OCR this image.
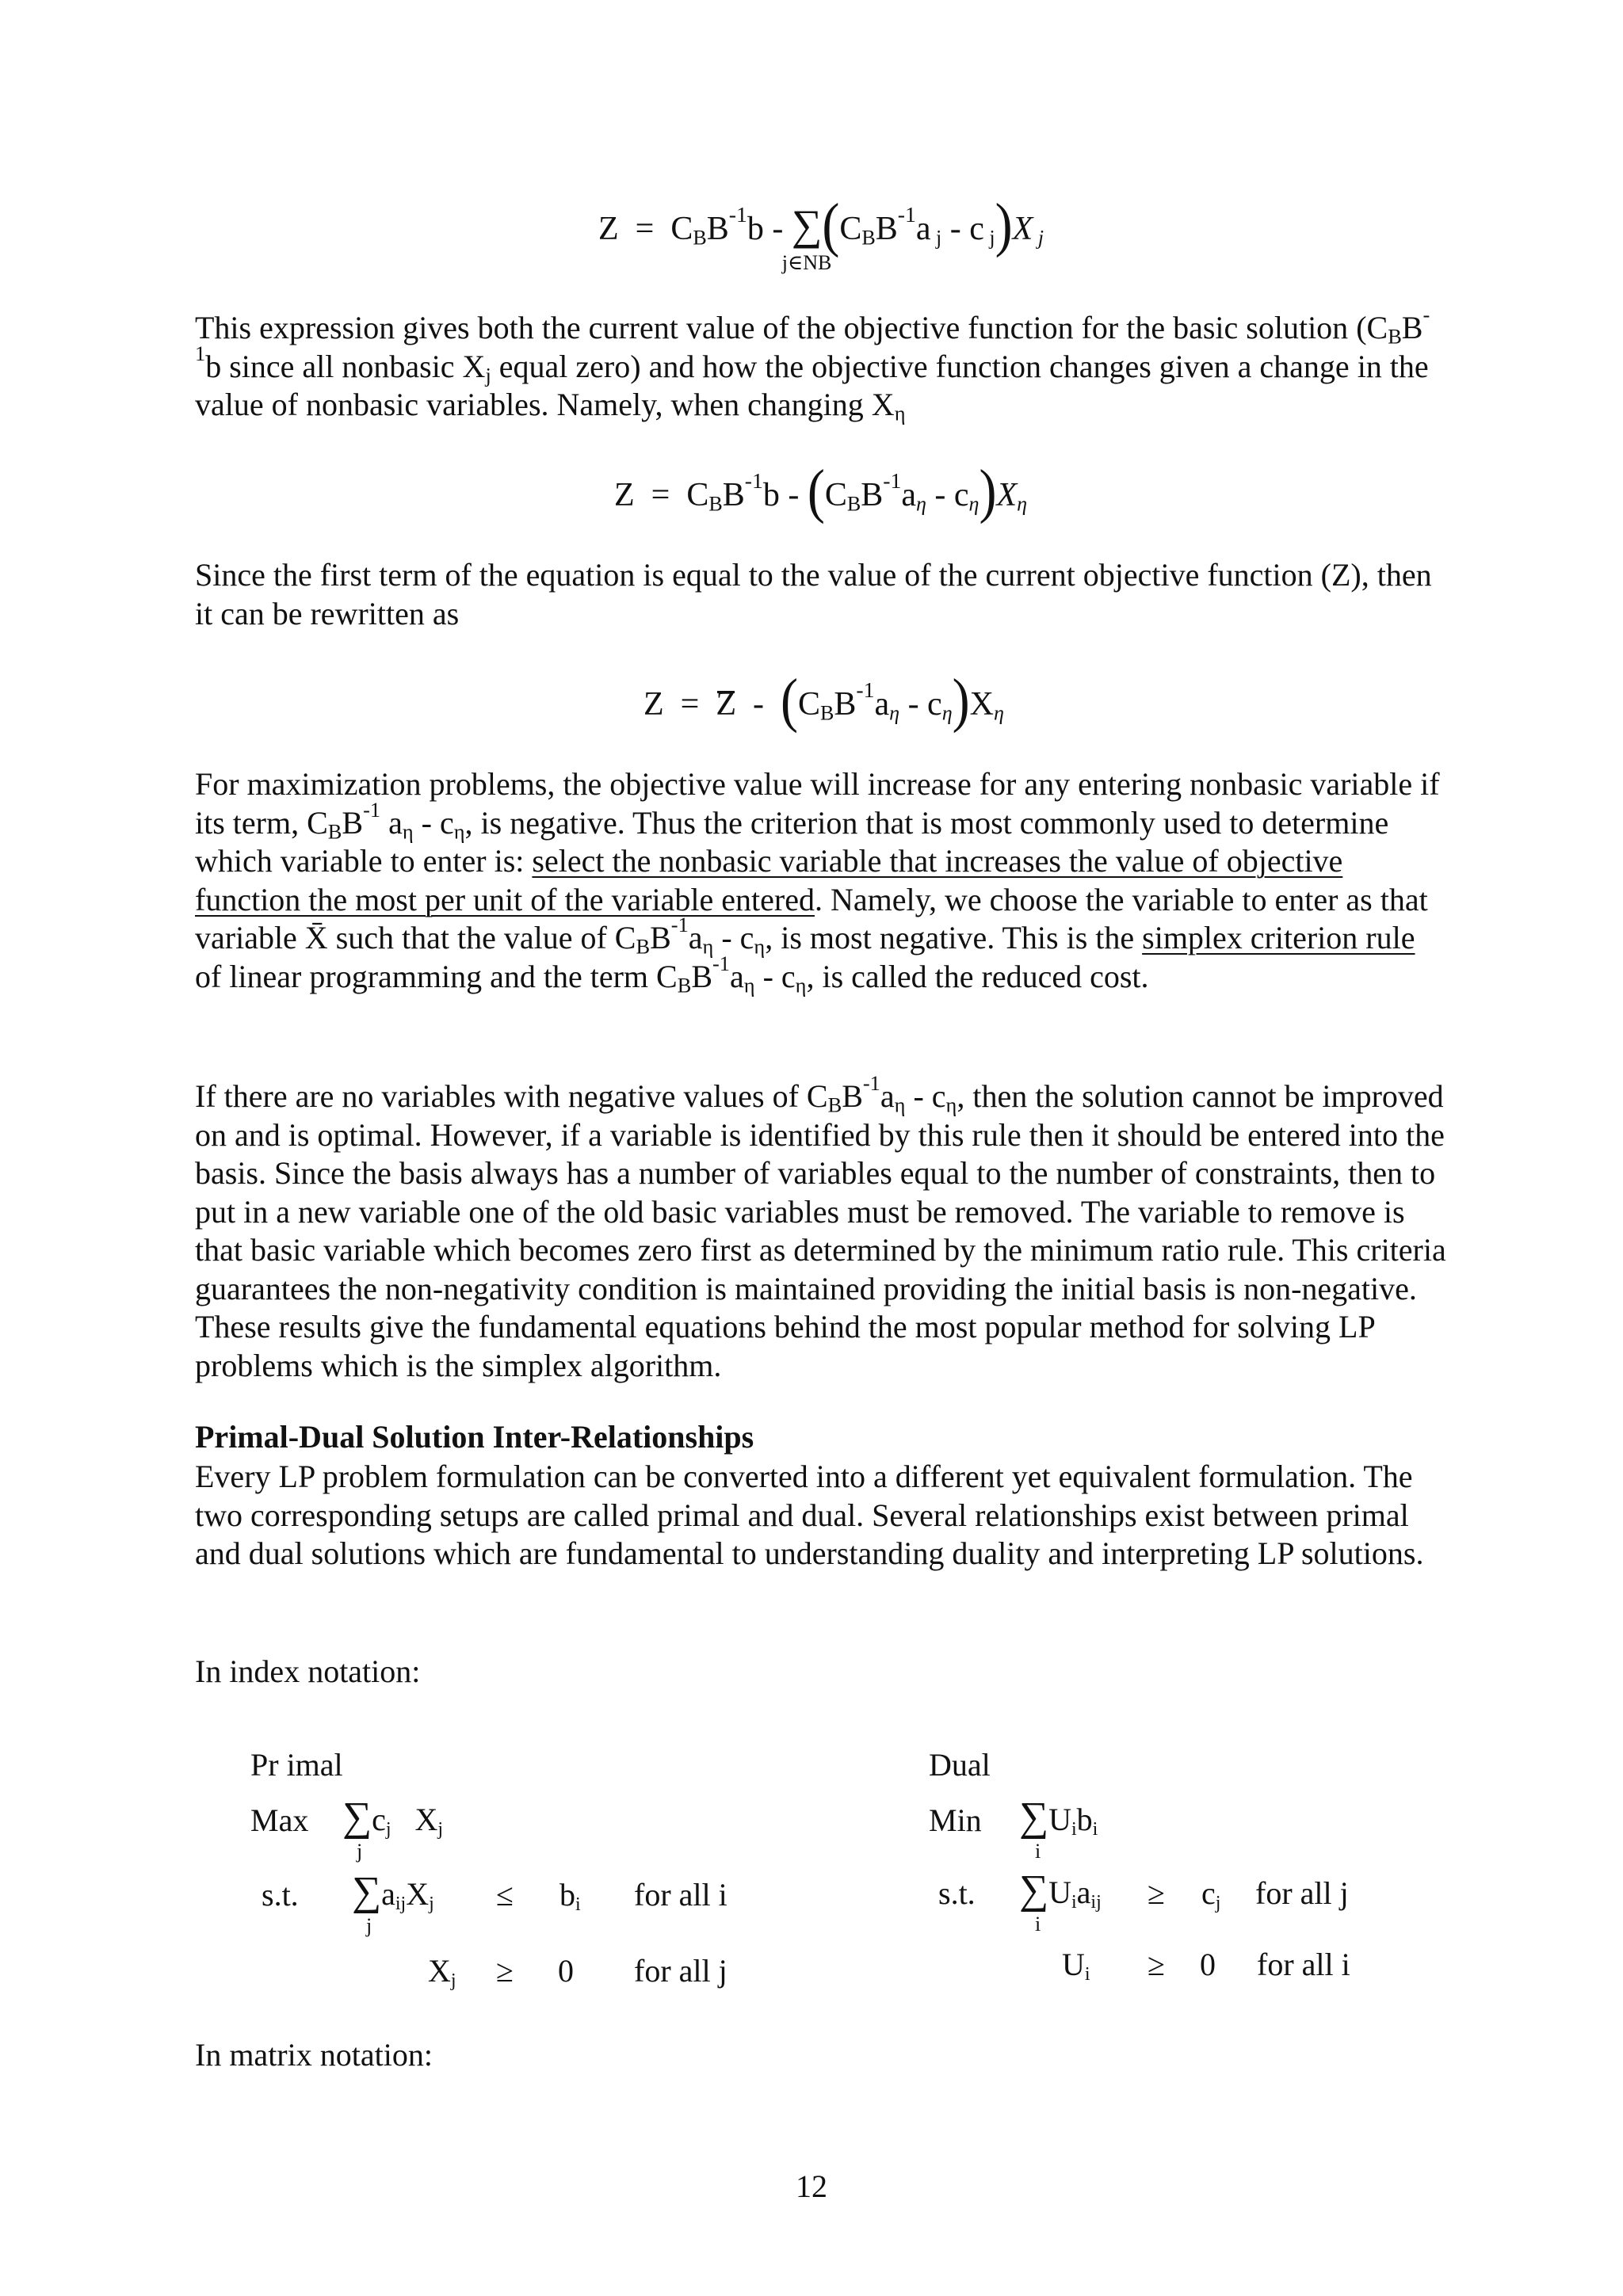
$Z = C_BB^{-1}b$ - ∑
j∈NB
($C_BB^{-1}a$ $_j$ - c $_j$)X $_j$

This expression gives both the current value of the objective function for the basic solution ($C_BB^{-1}b$ since all nonbasic $X_j$ equal zero) and how the objective function changes given a change in the value of nonbasic variables. Namely, when changing $X_\eta$

$Z = C_BB^{-1}b - (C_BB^{-1}a_\eta - c_\eta)X_\eta$

Since the first term of the equation is equal to the value of the current objective function (Z), then it can be rewritten as

$Z = Z - (C_BB^{-1}a_\eta - c_\eta)X_\eta$

For maximization problems, the objective value will increase for any entering nonbasic variable if its term, $C_BB^{-1}$ $a_\eta - c_\eta$, is negative. Thus the criterion that is most commonly used to determine which variable to enter is: select the nonbasic variable that increases the value of objective function the most per unit of the variable entered. Namely, we choose the variable to enter as that variable X̄ such that the value of $C_BB^{-1}a_\eta - c_\eta$, is most negative. This is the simplex criterion rule of linear programming and the term $C_BB^{-1}a_\eta - c_\eta$, is called the reduced cost.

If there are no variables with negative values of $C_BB^{-1}a_\eta - c_\eta$, then the solution cannot be improved on and is optimal. However, if a variable is identified by this rule then it should be entered into the basis. Since the basis always has a number of variables equal to the number of constraints, then to put in a new variable one of the old basic variables must be removed. The variable to remove is that basic variable which becomes zero first as determined by the minimum ratio rule. This criteria guarantees the non-negativity condition is maintained providing the initial basis is non-negative. These results give the fundamental equations behind the most popular method for solving LP problems which is the simplex algorithm.

Primal-Dual Solution Inter-Relationships

Every LP problem formulation can be converted into a different yet equivalent formulation. The two corresponding setups are called primal and dual. Several relationships exist between primal and dual solutions which are fundamental to understanding duality and interpreting LP solutions.

In index notation:

Pr imal
Max $\sum c_j$   $X_j$
j
s.t. $\sum a_{ij}X_j$
j
≤ $b_i$ for all i
$X_j \ge 0$ for all j
Dual
Min $\sum U_ib_i$
i
s.t. $\sum U_ia_{ij}$
i
≥ $c_j$ for all j
$U_i \ge 0$ for all i

In matrix notation:

12
